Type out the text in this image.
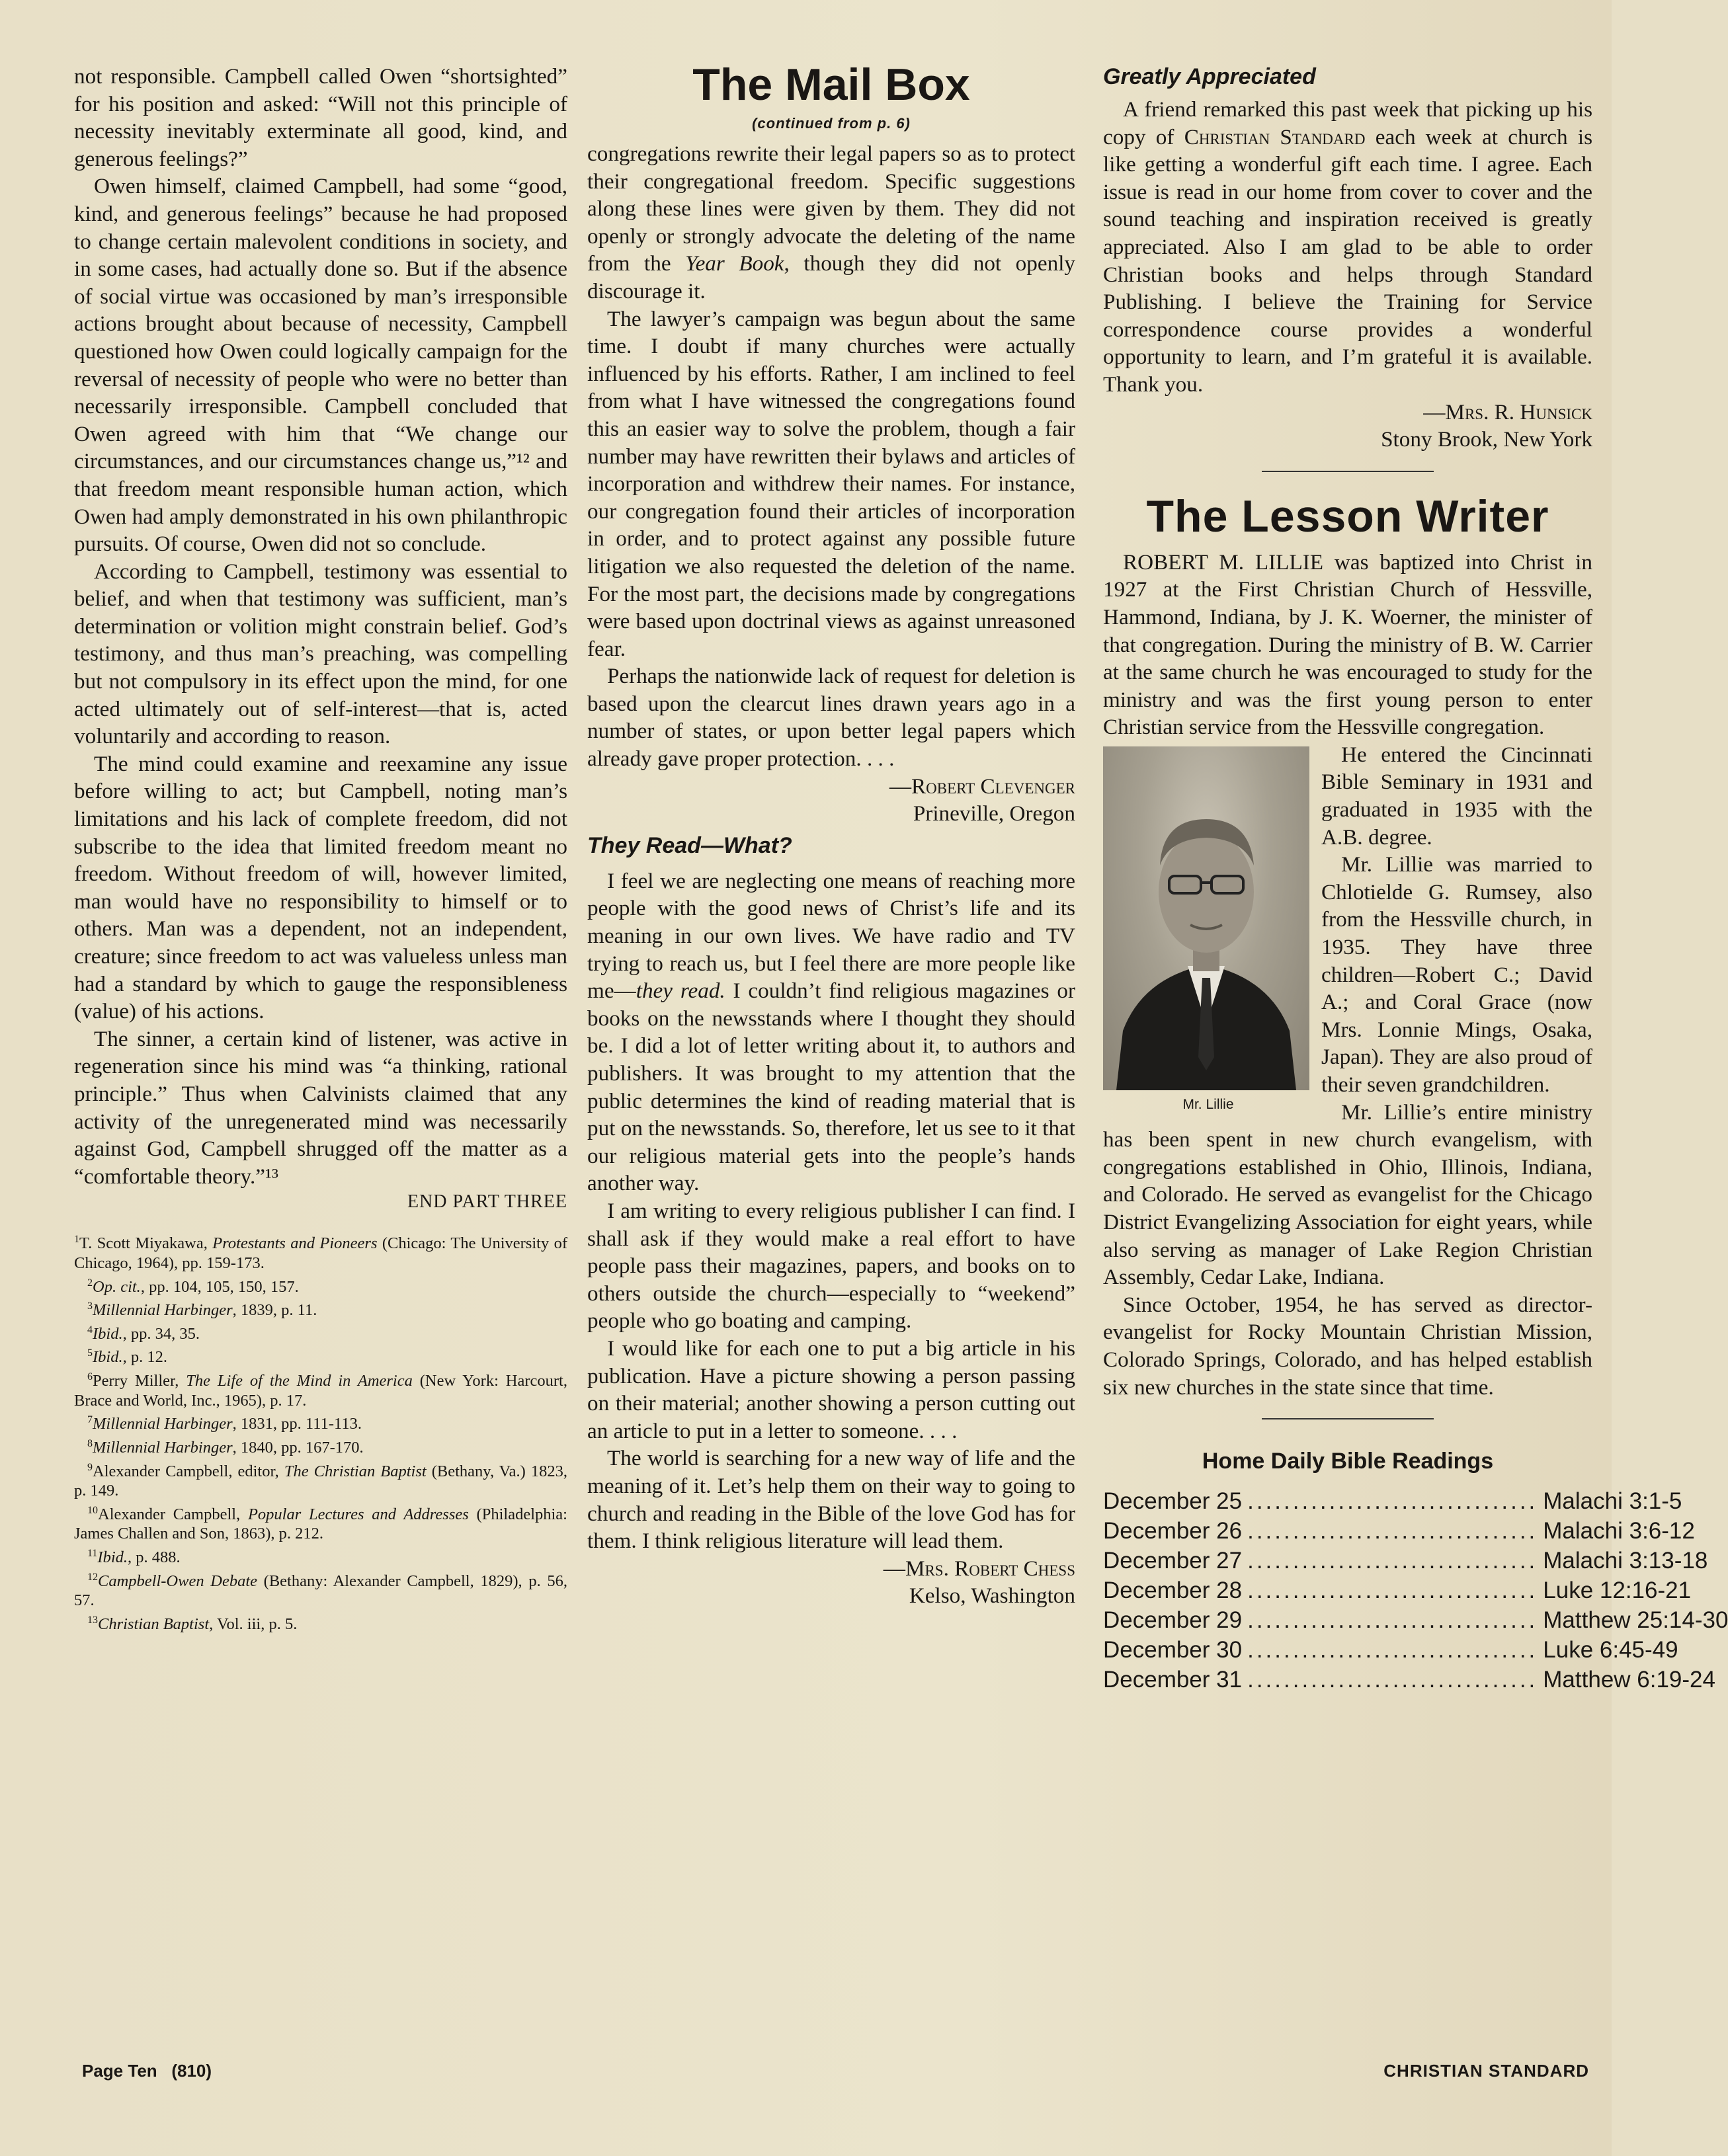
not responsible. Campbell called Owen “shortsighted” for his position and asked: “Will not this principle of necessity inevitably exterminate all good, kind, and generous feelings?”

Owen himself, claimed Campbell, had some “good, kind, and generous feelings” because he had proposed to change certain malevolent conditions in society, and in some cases, had actually done so. But if the absence of social virtue was occasioned by man’s irresponsible actions brought about because of necessity, Campbell questioned how Owen could logically campaign for the reversal of necessity of people who were no better than necessarily irresponsible. Campbell concluded that Owen agreed with him that “We change our circumstances, and our circumstances change us,”¹² and that freedom meant responsible human action, which Owen had amply demonstrated in his own philanthropic pursuits. Of course, Owen did not so conclude.

According to Campbell, testimony was essential to belief, and when that testimony was sufficient, man’s determination or volition might constrain belief. God’s testimony, and thus man’s preaching, was compelling but not compulsory in its effect upon the mind, for one acted ultimately out of self-interest—that is, acted voluntarily and according to reason.

The mind could examine and reexamine any issue before willing to act; but Campbell, noting man’s limitations and his lack of complete freedom, did not subscribe to the idea that limited freedom meant no freedom. Without freedom of will, however limited, man would have no responsibility to himself or to others. Man was a dependent, not an independent, creature; since freedom to act was valueless unless man had a standard by which to gauge the responsibleness (value) of his actions.

The sinner, a certain kind of listener, was active in regeneration since his mind was “a thinking, rational principle.” Thus when Calvinists claimed that any activity of the unregenerated mind was necessarily against God, Campbell shrugged off the matter as a “comfortable theory.”¹³

END PART THREE
$^1$T. Scott Miyakawa, Protestants and Pioneers (Chicago: The University of Chicago, 1964), pp. 159-173.
$^2$Op. cit., pp. 104, 105, 150, 157.
$^3$Millennial Harbinger, 1839, p. 11.
$^4$Ibid., pp. 34, 35.
$^5$Ibid., p. 12.
$^6$Perry Miller, The Life of the Mind in America (New York: Harcourt, Brace and World, Inc., 1965), p. 17.
$^7$Millennial Harbinger, 1831, pp. 111-113.
$^8$Millennial Harbinger, 1840, pp. 167-170.
$^9$Alexander Campbell, editor, The Christian Baptist (Bethany, Va.) 1823, p. 149.
$^{10}$Alexander Campbell, Popular Lectures and Addresses (Philadelphia: James Challen and Son, 1863), p. 212.
$^{11}$Ibid., p. 488.
$^{12}$Campbell-Owen Debate (Bethany: Alexander Campbell, 1829), p. 56, 57.
$^{13}$Christian Baptist, Vol. iii, p. 5.
The Mail Box
(continued from p. 6)

congregations rewrite their legal papers so as to protect their congregational freedom. Specific suggestions along these lines were given by them. They did not openly or strongly advocate the deleting of the name from the Year Book, though they did not openly discourage it.

The lawyer’s campaign was begun about the same time. I doubt if many churches were actually influenced by his efforts. Rather, I am inclined to feel from what I have witnessed the congregations found this an easier way to solve the problem, though a fair number may have rewritten their bylaws and articles of incorporation and withdrew their names. For instance, our congregation found their articles of incorporation in order, and to protect against any possible future litigation we also requested the deletion of the name. For the most part, the decisions made by congregations were based upon doctrinal views as against unreasoned fear.

Perhaps the nationwide lack of request for deletion is based upon the clearcut lines drawn years ago in a number of states, or upon better legal papers which already gave proper protection. . . .

—Robert Clevenger

Prineville, Oregon

They Read—What?

I feel we are neglecting one means of reaching more people with the good news of Christ’s life and its meaning in our own lives. We have radio and TV trying to reach us, but I feel there are more people like me—they read. I couldn’t find religious magazines or books on the newsstands where I thought they should be. I did a lot of letter writing about it, to authors and publishers. It was brought to my attention that the public determines the kind of reading material that is put on the newsstands. So, therefore, let us see to it that our religious material gets into the people’s hands another way.

I am writing to every religious publisher I can find. I shall ask if they would make a real effort to have people pass their magazines, papers, and books on to others outside the church—especially to “weekend” people who go boating and camping.

I would like for each one to put a big article in his publication. Have a picture showing a person passing on their material; another showing a person cutting out an article to put in a letter to someone. . . .

The world is searching for a new way of life and the meaning of it. Let’s help them on their way to going to church and reading in the Bible of the love God has for them. I think religious literature will lead them.

—Mrs. Robert Chess

Kelso, Washington

Greatly Appreciated

A friend remarked this past week that picking up his copy of Christian Standard each week at church is like getting a wonderful gift each time. I agree. Each issue is read in our home from cover to cover and the sound teaching and inspiration received is greatly appreciated. Also I am glad to be able to order Christian books and helps through Standard Publishing. I believe the Training for Service correspondence course provides a wonderful opportunity to learn, and I’m grateful it is available. Thank you.

—Mrs. R. Hunsick

Stony Brook, New York

The Lesson Writer

ROBERT M. LILLIE was baptized into Christ in 1927 at the First Christian Church of Hessville, Hammond, Indiana, by J. K. Woerner, the minister of that congregation. During the ministry of B. W. Carrier at the same church he was encouraged to study for the ministry and was the first young person to enter Christian service from the Hessville congregation.

Mr. Lillie

He entered the Cincinnati Bible Seminary in 1931 and graduated in 1935 with the A.B. degree.

Mr. Lillie was married to Chlotielde G. Rumsey, also from the Hessville church, in 1935. They have three children—Robert C.; David A.; and Coral Grace (now Mrs. Lonnie Mings, Osaka, Japan). They are also proud of their seven grandchildren.

Mr. Lillie’s entire ministry has been spent in new church evangelism, with congregations established in Ohio, Illinois, Indiana, and Colorado. He served as evangelist for the Chicago District Evangelizing Association for eight years, while also serving as manager of Lake Region Christian Assembly, Cedar Lake, Indiana.

Since October, 1954, he has served as director-evangelist for Rocky Mountain Christian Mission, Colorado Springs, Colorado, and has helped establish six new churches in the state since that time.

Home Daily Bible Readings
December 25 ................................ Malachi 3:1-5
December 26 ................................ Malachi 3:6-12
December 27 ................................ Malachi 3:13-18
December 28 ................................ Luke 12:16-21
December 29 ................................ Matthew 25:14-30
December 30 ................................ Luke 6:45-49
December 31 ................................ Matthew 6:19-24
Page Ten   (810)	CHRISTIAN STANDARD
